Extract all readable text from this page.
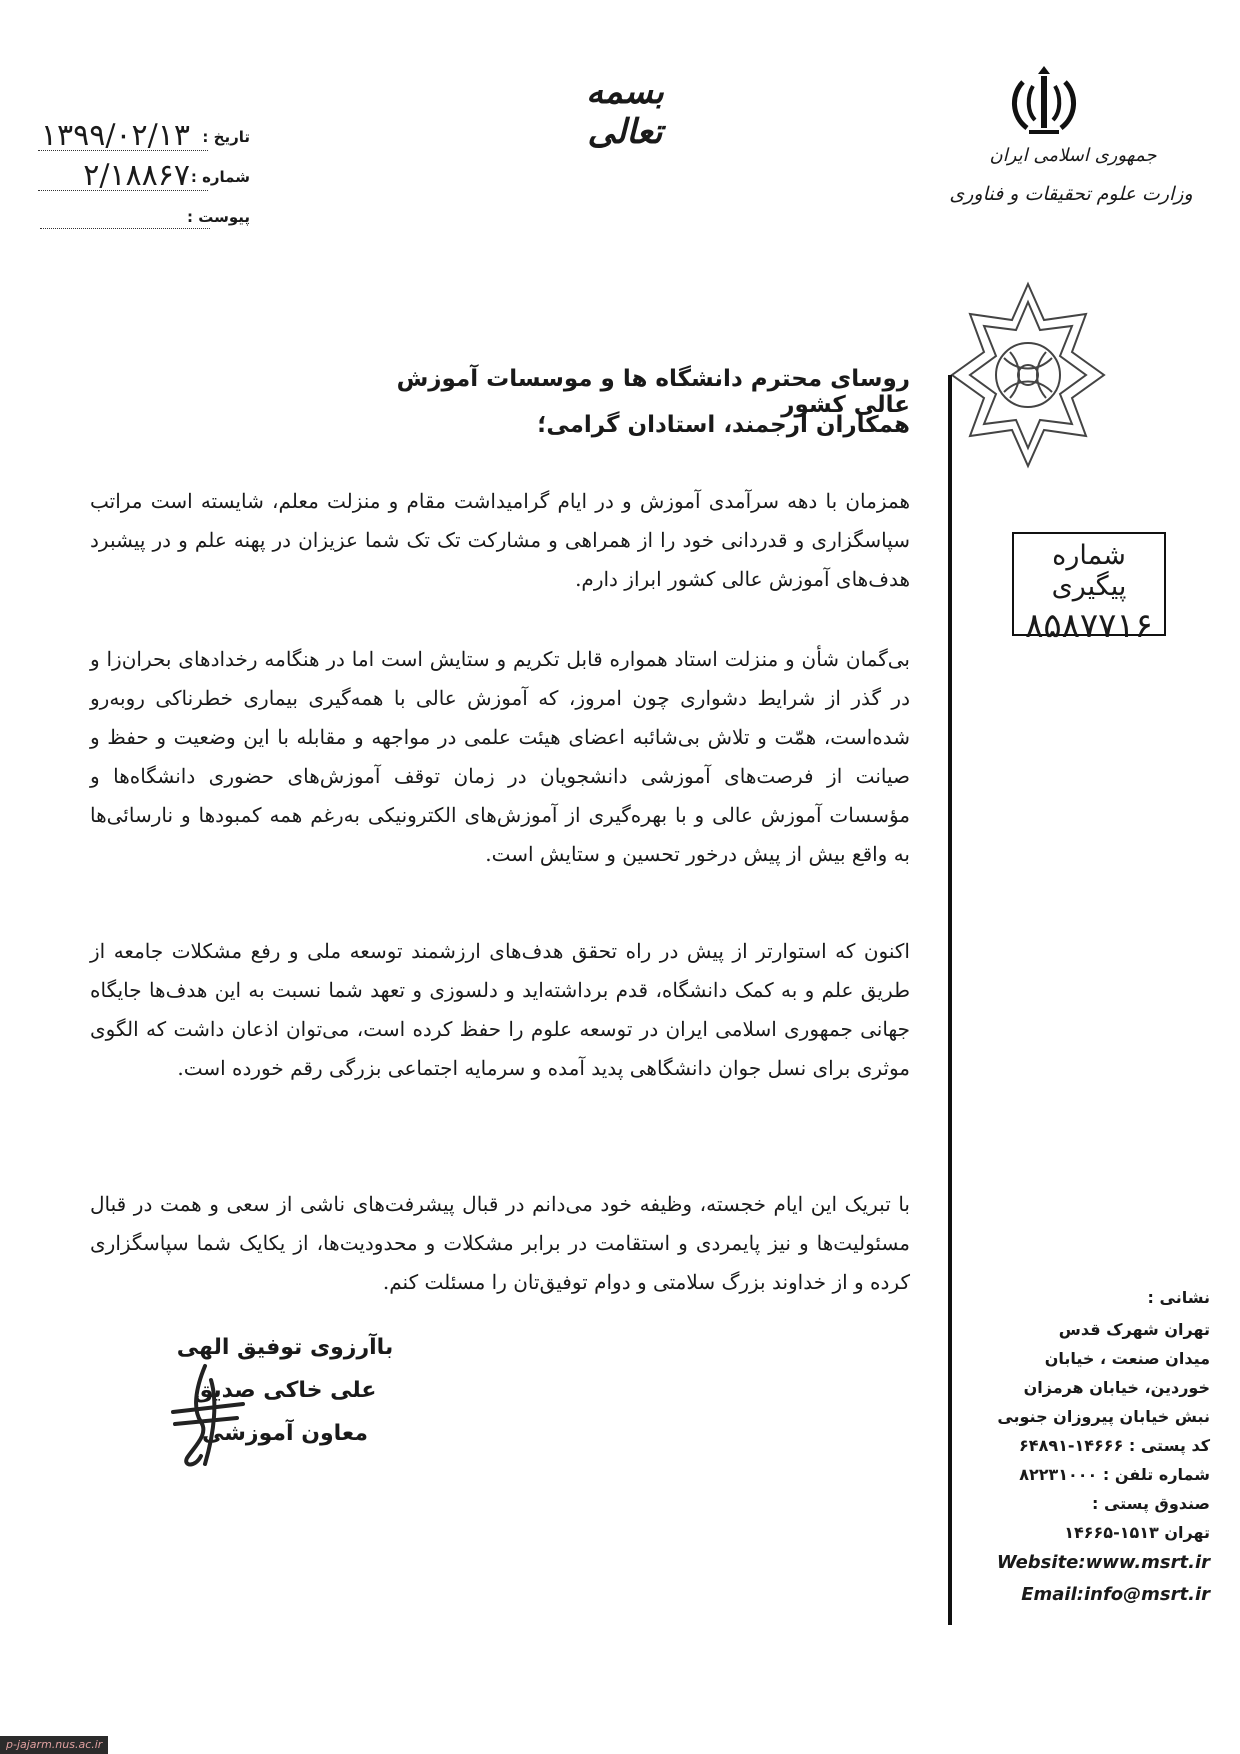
بسمه تعالی
تاریخ :
۱۳۹۹/۰۲/۱۳
شماره :
۲/۱۸۸۶۷
پیوست :
جمهوری اسلامی ایران
وزارت علوم تحقیقات و فناوری
شماره پیگیری
۸۵۸۷۷۱۶
روسای محترم دانشگاه ها و موسسات آموزش عالی کشور
همکاران ارجمند، استادان گرامی؛
همزمان با دهه سرآمدی آموزش و در ایام گرامیداشت مقام و منزلت معلم، شایسته است مراتب سپاسگزاری و قدردانی خود را از همراهی و مشارکت تک تک شما عزیزان در پهنه علم و در پیشبرد هدف‌های آموزش عالی کشور ابراز دارم.
بی‌گمان شأن و منزلت استاد همواره قابل تکریم و ستایش است اما در هنگامه رخدادهای بحران‌زا و در گذر از شرایط دشواری چون امروز، که آموزش عالی با همه‌گیری بیماری خطرناکی روبه‌رو شده‌است، همّت و تلاش بی‌شائبه اعضای هیئت علمی در مواجهه و مقابله با این وضعیت و حفظ و صیانت از فرصت‌های آموزشی دانشجویان در زمان توقف آموزش‌های حضوری دانشگاه‌ها و مؤسسات آموزش عالی و با بهره‌گیری از آموزش‌های الکترونیکی به‌رغم همه کمبودها و نارسائی‌ها به واقع بیش از پیش درخور تحسین و ستایش است.
اکنون که استوارتر از پیش در راه تحقق هدف‌های ارزشمند توسعه ملی و رفع مشکلات جامعه از طریق علم و به کمک دانشگاه، قدم برداشته‌اید و دلسوزی و تعهد شما نسبت به این هدف‌ها جایگاه جهانی جمهوری اسلامی ایران در توسعه علوم را حفظ کرده است، می‌توان اذعان داشت که الگوی موثری برای نسل جوان دانشگاهی پدید آمده و سرمایه اجتماعی بزرگی رقم خورده است.
با تبریک این ایام خجسته، وظیفه خود می‌دانم در قبال پیشرفت‌های ناشی از سعی و همت در قبال مسئولیت‌ها و نیز پایمردی و استقامت در برابر مشکلات و محدودیت‌ها، از یکایک شما سپاسگزاری کرده و از خداوند بزرگ سلامتی و دوام توفیق‌تان را مسئلت کنم.
باآرزوی توفیق الهی
علی خاکی صدیق
معاون آموزشی
نشانی :
تهران شهرک قدس
میدان صنعت ، خیابان
خوردین، خیابان هرمزان
نبش خیابان پیروزان جنوبی
کد پستی : ۱۴۶۶۶-۶۴۸۹۱
شماره تلفن : ۸۲۲۳۱۰۰۰
صندوق پستی :
تهران ۱۵۱۳-۱۴۶۶۵
Website:www.msrt.ir
Email:info@msrt.ir
p-jajarm.nus.ac.ir
